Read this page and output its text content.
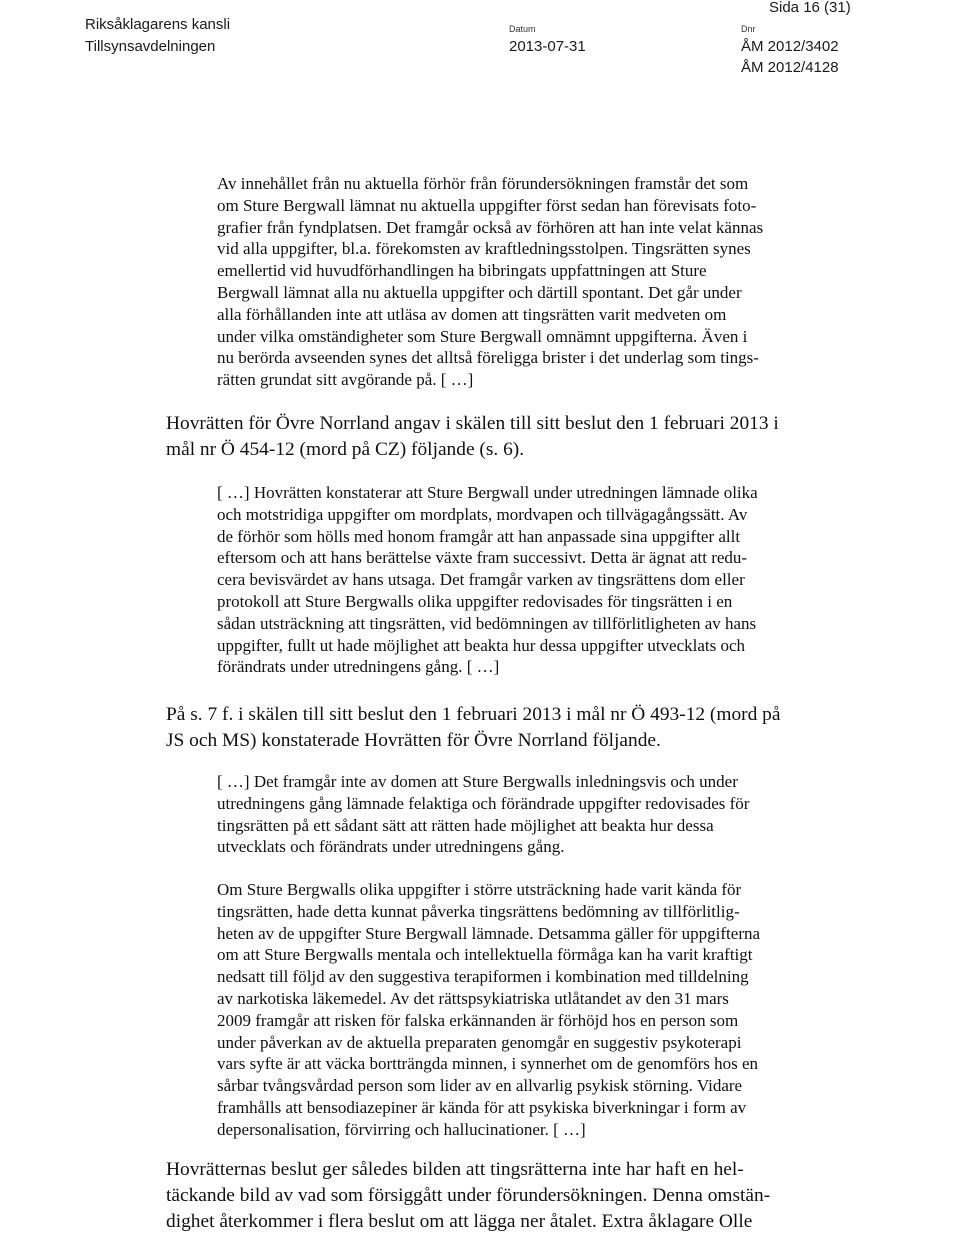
Riksåklagarens kansli
Tillsynsavdelningen
Datum
2013-07-31
Dnr
ÅM 2012/3402
ÅM 2012/4128
Sida 16 (31)
Av innehållet från nu aktuella förhör från förundersökningen framstår det som
om Sture Bergwall lämnat nu aktuella uppgifter först sedan han förevisats foto-
grafier från fyndplatsen. Det framgår också av förhören att han inte velat kännas
vid alla uppgifter, bl.a. förekomsten av kraftledningsstolpen. Tingsrätten synes
emellertid vid huvudförhandlingen ha bibringats uppfattningen att Sture
Bergwall lämnat alla nu aktuella uppgifter och därtill spontant. Det går under
alla förhållanden inte att utläsa av domen att tingsrätten varit medveten om
under vilka omständigheter som Sture Bergwall omnämnt uppgifterna. Även i
nu berörda avseenden synes det alltså föreligga brister i det underlag som tings-
rätten grundat sitt avgörande på. [ …]
Hovrätten för Övre Norrland angav i skälen till sitt beslut den 1 februari 2013 i
mål nr Ö 454-12 (mord på CZ) följande (s. 6).
[ …] Hovrätten konstaterar att Sture Bergwall under utredningen lämnade olika
och motstridiga uppgifter om mordplats, mordvapen och tillvägagångssätt. Av
de förhör som hölls med honom framgår att han anpassade sina uppgifter allt
eftersom och att hans berättelse växte fram successivt. Detta är ägnat att redu-
cera bevisvärdet av hans utsaga. Det framgår varken av tingsrättens dom eller
protokoll att Sture Bergwalls olika uppgifter redovisades för tingsrätten i en
sådan utsträckning att tingsrätten, vid bedömningen av tillförlitligheten av hans
uppgifter, fullt ut hade möjlighet att beakta hur dessa uppgifter utvecklats och
förändrats under utredningens gång. [ …]
På s. 7 f. i skälen till sitt beslut den 1 februari 2013 i mål nr Ö 493-12 (mord på
JS och MS) konstaterade Hovrätten för Övre Norrland följande.
[ …] Det framgår inte av domen att Sture Bergwalls inledningsvis och under
utredningens gång lämnade felaktiga och förändrade uppgifter redovisades för
tingsrätten på ett sådant sätt att rätten hade möjlighet att beakta hur dessa
utvecklats och förändrats under utredningens gång.
Om Sture Bergwalls olika uppgifter i större utsträckning hade varit kända för
tingsrätten, hade detta kunnat påverka tingsrättens bedömning av tillförlitlig-
heten av de uppgifter Sture Bergwall lämnade. Detsamma gäller för uppgifterna
om att Sture Bergwalls mentala och intellektuella förmåga kan ha varit kraftigt
nedsatt till följd av den suggestiva terapiformen i kombination med tilldelning
av narkotiska läkemedel. Av det rättspsykiatriska utlåtandet av den 31 mars
2009 framgår att risken för falska erkännanden är förhöjd hos en person som
under påverkan av de aktuella preparaten genomgår en suggestiv psykoterapi
vars syfte är att väcka bortträngda minnen, i synnerhet om de genomförs hos en
sårbar tvångsvårdad person som lider av en allvarlig psykisk störning. Vidare
framhålls att bensodiazepiner är kända för att psykiska biverkningar i form av
depersonalisation, förvirring och hallucinationer. [ …]
Hovrätternas beslut ger således bilden att tingsrätterna inte har haft en hel-
täckande bild av vad som försiggått under förundersökningen. Denna omstän-
dighet återkommer i flera beslut om att lägga ner åtalet. Extra åklagare Olle
